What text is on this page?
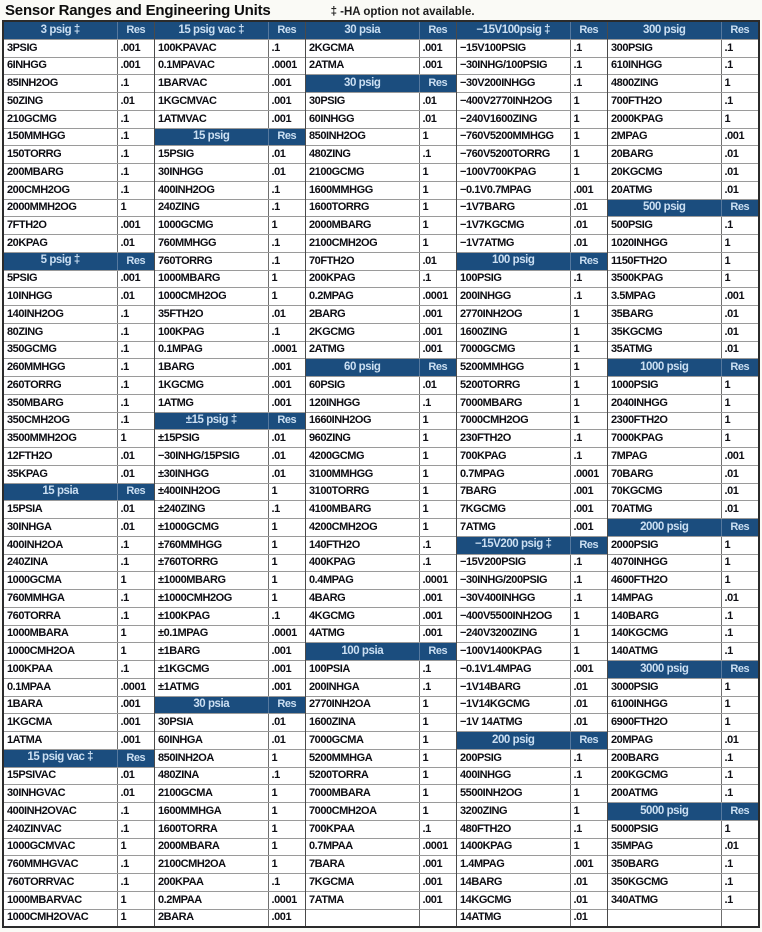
Sensor Ranges and Engineering Units	‡ -HA option not available.
3 psig ‡	Res
3PSIG	.001
6INHGG	.001
85INH2OG	.1
50ZING	.01
210GCMG	.1
150MMHGG	.1
150TORRG	.1
200MBARG	.1
200CMH2OG	.1
2000MMH2OG	1
7FTH2O	.001
20KPAG	.01
5 psig ‡	Res
5PSIG	.001
10INHGG	.01
140INH2OG	.1
80ZING	.1
350GCMG	.1
260MMHGG	.1
260TORRG	.1
350MBARG	.1
350CMH2OG	.1
3500MMH2OG	1
12FTH2O	.01
35KPAG	.01
15 psia	Res
15PSIA	.01
30INHGA	.01
400INH2OA	.1
240ZINA	.1
1000GCMA	1
760MMHGA	.1
760TORRA	.1
1000MBARA	1
1000CMH2OA	1
100KPAA	.1
0.1MPAA	.0001
1BARA	.001
1KGCMA	.001
1ATMA	.001
15 psig vac ‡	Res
15PSIVAC	.01
30INHGVAC	.01
400INH2OVAC	.1
240ZINVAC	.1
1000GCMVAC	1
760MMHGVAC	.1
760TORRVAC	.1
1000MBARVAC	1
1000CMH2OVAC	1
15 psig vac ‡	Res
100KPAVAC	.1
0.1MPAVAC	.0001
1BARVAC	.001
1KGCMVAC	.001
1ATMVAC	.001
15 psig	Res
15PSIG	.01
30INHGG	.01
400INH2OG	.1
240ZING	.1
1000GCMG	1
760MMHGG	.1
760TORRG	.1
1000MBARG	1
1000CMH2OG	1
35FTH2O	.01
100KPAG	.1
0.1MPAG	.0001
1BARG	.001
1KGCMG	.001
1ATMG	.001
±15 psig ‡	Res
±15PSIG	.01
−30INHG/15PSIG	.01
±30INHGG	.01
±400INH2OG	1
±240ZING	.1
±1000GCMG	1
±760MMHGG	1
±760TORRG	1
±1000MBARG	1
±1000CMH2OG	1
±100KPAG	.1
±0.1MPAG	.0001
±1BARG	.001
±1KGCMG	.001
±1ATMG	.001
30 psia	Res
30PSIA	.01
60INHGA	.01
850INH2OA	1
480ZINA	.1
2100GCMA	1
1600MMHGA	1
1600TORRA	1
2000MBARA	1
2100CMH2OA	1
200KPAA	.1
0.2MPAA	.0001
2BARA	.001
30 psia	Res
2KGCMA	.001
2ATMA	.001
30 psig	Res
30PSIG	.01
60INHGG	.01
850INH2OG	1
480ZING	.1
2100GCMG	1
1600MMHGG	1
1600TORRG	1
2000MBARG	1
2100CMH2OG	1
70FTH2O	.01
200KPAG	.1
0.2MPAG	.0001
2BARG	.001
2KGCMG	.001
2ATMG	.001
60 psig	Res
60PSIG	.01
120INHGG	.1
1660INH2OG	1
960ZING	1
4200GCMG	1
3100MMHGG	1
3100TORRG	1
4100MBARG	1
4200CMH2OG	1
140FTH2O	.1
400KPAG	.1
0.4MPAG	.0001
4BARG	.001
4KGCMG	.001
4ATMG	.001
100 psia	Res
100PSIA	.1
200INHGA	.1
2770INH2OA	1
1600ZINA	1
7000GCMA	1
5200MMHGA	1
5200TORRA	1
7000MBARA	1
7000CMH2OA	1
700KPAA	.1
0.7MPAA	.0001
7BARA	.001
7KGCMA	.001
7ATMA	.001
−15V100psig ‡	Res
−15V100PSIG	.1
−30INHG/100PSIG	.1
−30V200INHGG	.1
−400V2770INH2OG	1
−240V1600ZING	1
−760V5200MMHGG	1
−760V5200TORRG	1
−100V700KPAG	1
−0.1V0.7MPAG	.001
−1V7BARG	.01
−1V7KGCMG	.01
−1V7ATMG	.01
100 psig	Res
100PSIG	.1
200INHGG	.1
2770INH2OG	1
1600ZING	1
7000GCMG	1
5200MMHGG	1
5200TORRG	1
7000MBARG	1
7000CMH2OG	1
230FTH2O	.1
700KPAG	.1
0.7MPAG	.0001
7BARG	.001
7KGCMG	.001
7ATMG	.001
−15V200 psig ‡	Res
−15V200PSIG	.1
−30INHG/200PSIG	.1
−30V400INHGG	.1
−400V5500INH2OG	1
−240V3200ZING	1
−100V1400KPAG	1
−0.1V1.4MPAG	.001
−1V14BARG	.01
−1V14KGCMG	.01
−1V 14ATMG	.01
200 psig	Res
200PSIG	.1
400INHGG	.1
5500INH2OG	1
3200ZING	1
480FTH2O	.1
1400KPAG	1
1.4MPAG	.001
14BARG	.01
14KGCMG	.01
14ATMG	.01
300 psig	Res
300PSIG	.1
610INHGG	.1
4800ZING	1
700FTH2O	.1
2000KPAG	1
2MPAG	.001
20BARG	.01
20KGCMG	.01
20ATMG	.01
500 psig	Res
500PSIG	.1
1020INHGG	1
1150FTH2O	1
3500KPAG	1
3.5MPAG	.001
35BARG	.01
35KGCMG	.01
35ATMG	.01
1000 psig	Res
1000PSIG	1
2040INHGG	1
2300FTH2O	1
7000KPAG	1
7MPAG	.001
70BARG	.01
70KGCMG	.01
70ATMG	.01
2000 psig	Res
2000PSIG	1
4070INHGG	1
4600FTH2O	1
14MPAG	.01
140BARG	.1
140KGCMG	.1
140ATMG	.1
3000 psig	Res
3000PSIG	1
6100INHGG	1
6900FTH2O	1
20MPAG	.01
200BARG	.1
200KGCMG	.1
200ATMG	.1
5000 psig	Res
5000PSIG	1
35MPAG	.01
350BARG	.1
350KGCMG	.1
340ATMG	.1
